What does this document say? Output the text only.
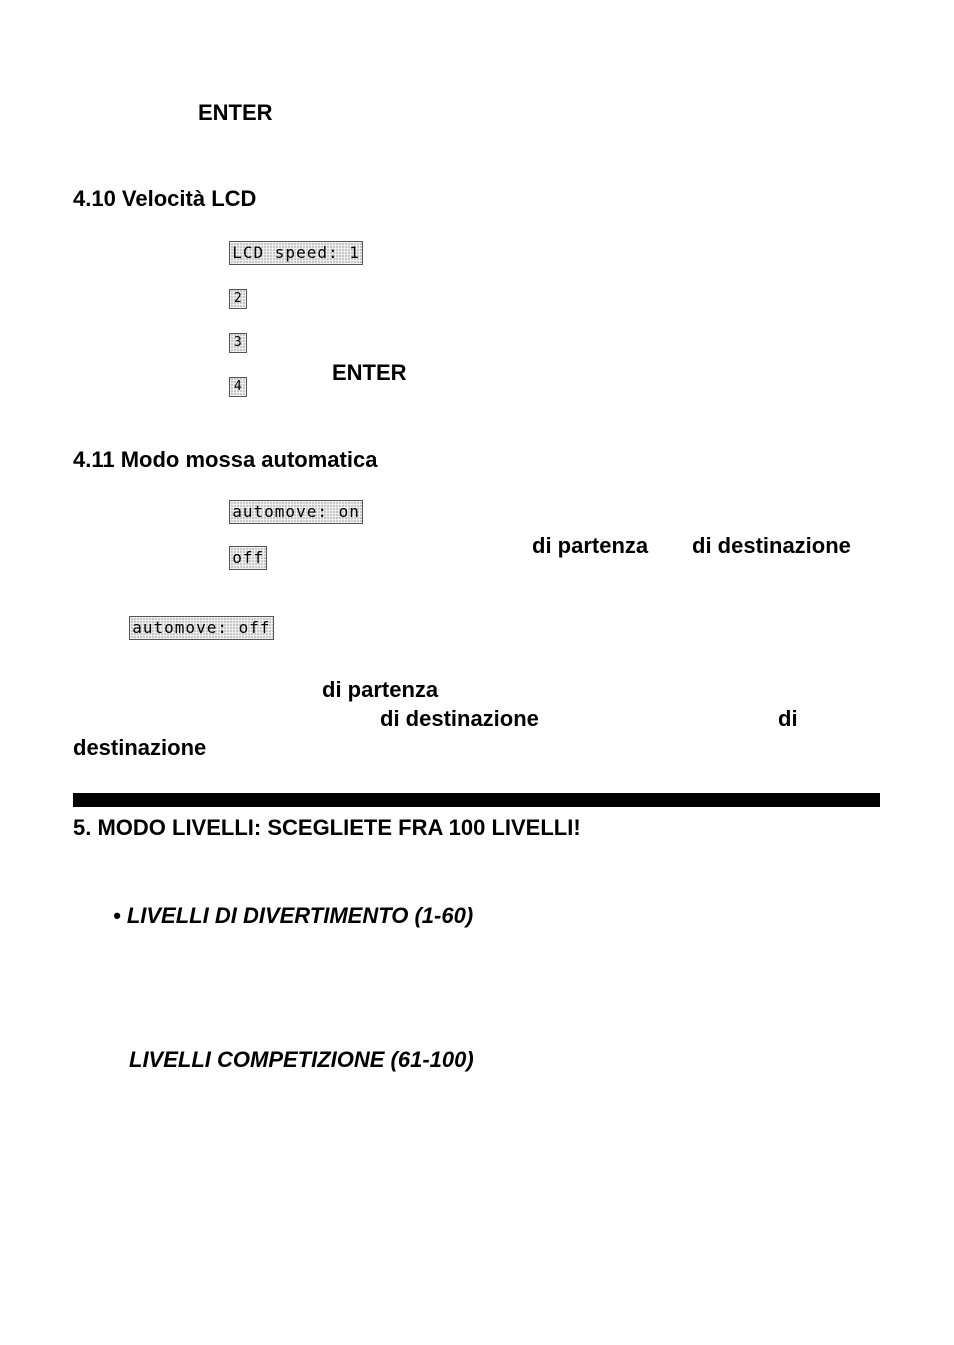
ENTER
4.10 Velocità LCD

LCD speed: 1

2

3

4

ENTER
4.11 Modo mossa automatica

automove: on

off	di partenza di destinazione

automove: off

di partenza
di destinazione	di
destinazione
5. MODO LIVELLI: SCEGLIETE FRA 100 LIVELLI!
• LIVELLI DI DIVERTIMENTO (1-60)
LIVELLI COMPETIZIONE (61-100)
